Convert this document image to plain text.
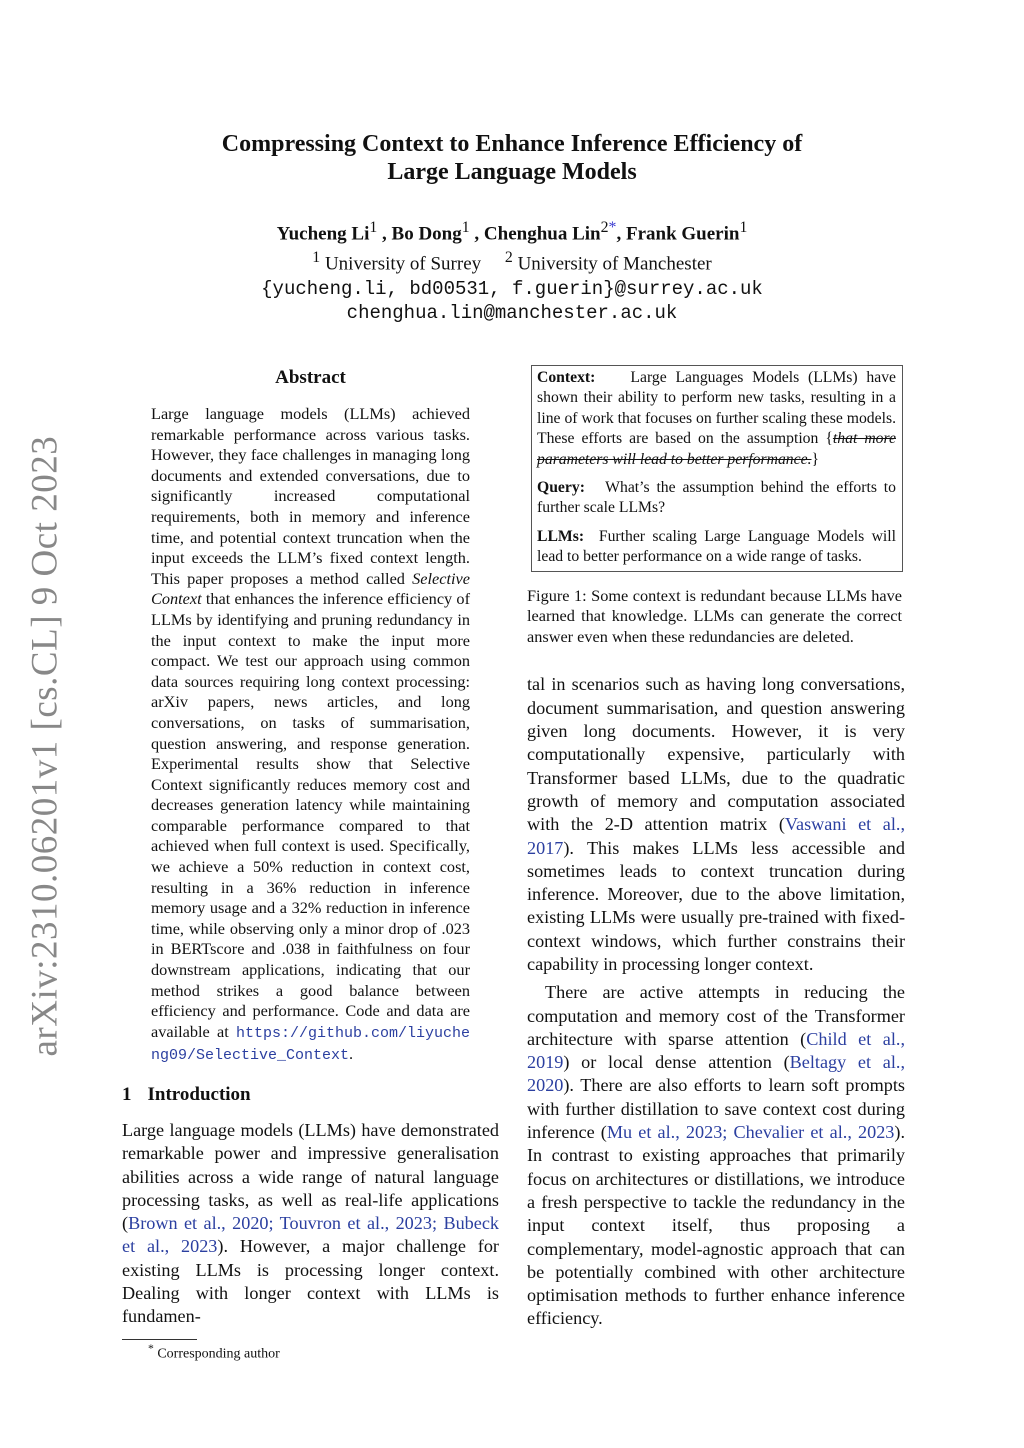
Compressing Context to Enhance Inference Efficiency of
Large Language Models
Yucheng Li$^1$ , Bo Dong$^1$ , Chenghua Lin$^{2*}$, Frank Guerin$^1$
$^1$ University of Surrey $^2$ University of Manchester
{yucheng.li, bd00531, f.guerin}@surrey.ac.uk
chenghua.lin@manchester.ac.uk
arXiv:2310.06201v1 [cs.CL] 9 Oct 2023
Abstract
Large language models (LLMs) achieved remarkable performance across various tasks. However, they face challenges in managing long documents and extended conversations, due to significantly increased computational requirements, both in memory and inference time, and potential context truncation when the input exceeds the LLM’s fixed context length. This paper proposes a method called Selective Context that enhances the inference efficiency of LLMs by identifying and pruning redundancy in the input context to make the input more compact. We test our approach using common data sources requiring long context processing: arXiv papers, news articles, and long conversations, on tasks of summarisation, question answering, and response generation. Experimental results show that Selective Context significantly reduces memory cost and decreases generation latency while maintaining comparable performance compared to that achieved when full context is used. Specifically, we achieve a 50% reduction in context cost, resulting in a 36% reduction in inference memory usage and a 32% reduction in inference time, while observing only a minor drop of .023 in BERTscore and .038 in faithfulness on four downstream applications, indicating that our method strikes a good balance between efficiency and performance. Code and data are available at https://github.com/liyucheng09/Selective_Context.
1 Introduction
Large language models (LLMs) have demonstrated remarkable power and impressive generalisation abilities across a wide range of natural language processing tasks, as well as real-life applications (Brown et al., 2020; Touvron et al., 2023; Bubeck et al., 2023). However, a major challenge for existing LLMs is processing longer context. Dealing with longer context with LLMs is fundamen-
* Corresponding author

Context: Large Languages Models (LLMs) have shown their ability to perform new tasks, resulting in a line of work that focuses on further scaling these models. These efforts are based on the assumption {that more parameters will lead to better performance.}

Query: What’s the assumption behind the efforts to further scale LLMs?

LLMs: Further scaling Large Language Models will lead to better performance on a wide range of tasks.

Figure 1: Some context is redundant because LLMs have learned that knowledge. LLMs can generate the correct answer even when these redundancies are deleted.

tal in scenarios such as having long conversations, document summarisation, and question answering given long documents. However, it is very computationally expensive, particularly with Transformer based LLMs, due to the quadratic growth of memory and computation associated with the 2-D attention matrix (Vaswani et al., 2017). This makes LLMs less accessible and sometimes leads to context truncation during inference. Moreover, due to the above limitation, existing LLMs were usually pre-trained with fixed-context windows, which further constrains their capability in processing longer context.

There are active attempts in reducing the computation and memory cost of the Transformer architecture with sparse attention (Child et al., 2019) or local dense attention (Beltagy et al., 2020). There are also efforts to learn soft prompts with further distillation to save context cost during inference (Mu et al., 2023; Chevalier et al., 2023). In contrast to existing approaches that primarily focus on architectures or distillations, we introduce a fresh perspective to tackle the redundancy in the input context itself, thus proposing a complementary, model-agnostic approach that can be potentially combined with other architecture optimisation methods to further enhance inference efficiency.
